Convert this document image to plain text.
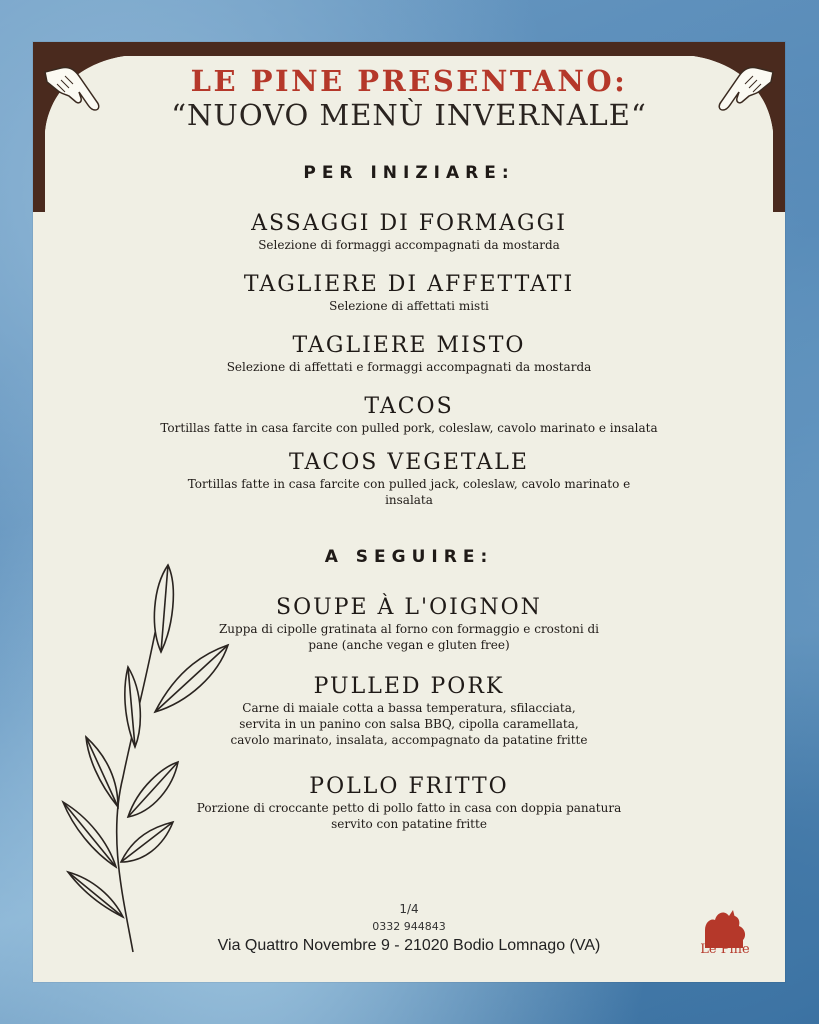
LE PINE PRESENTANO:
“NUOVO MENÙ INVERNALE“
PER INIZIARE:
ASSAGGI DI FORMAGGI
Selezione di formaggi accompagnati da mostarda
TAGLIERE DI AFFETTATI
Selezione di affettati misti
TAGLIERE MISTO
Selezione di affettati e formaggi accompagnati da mostarda
TACOS
Tortillas fatte in casa farcite con pulled pork, coleslaw, cavolo marinato e insalata
TACOS VEGETALE
Tortillas fatte in casa farcite con pulled jack, coleslaw, cavolo marinato e
insalata
A SEGUIRE:
SOUPE À L'OIGNON
Zuppa di cipolle gratinata al forno con formaggio e crostoni di
pane (anche vegan e gluten free)
PULLED PORK
Carne di maiale cotta a bassa temperatura, sfilacciata,
servita in un panino con salsa BBQ, cipolla caramellata,
cavolo marinato, insalata, accompagnato da patatine fritte
POLLO FRITTO
Porzione di croccante petto di pollo fatto in casa con doppia panatura
servito con patatine fritte
1/4
0332 944843
Via Quattro Novembre 9 - 21020 Bodio Lomnago (VA)	Le Pine
